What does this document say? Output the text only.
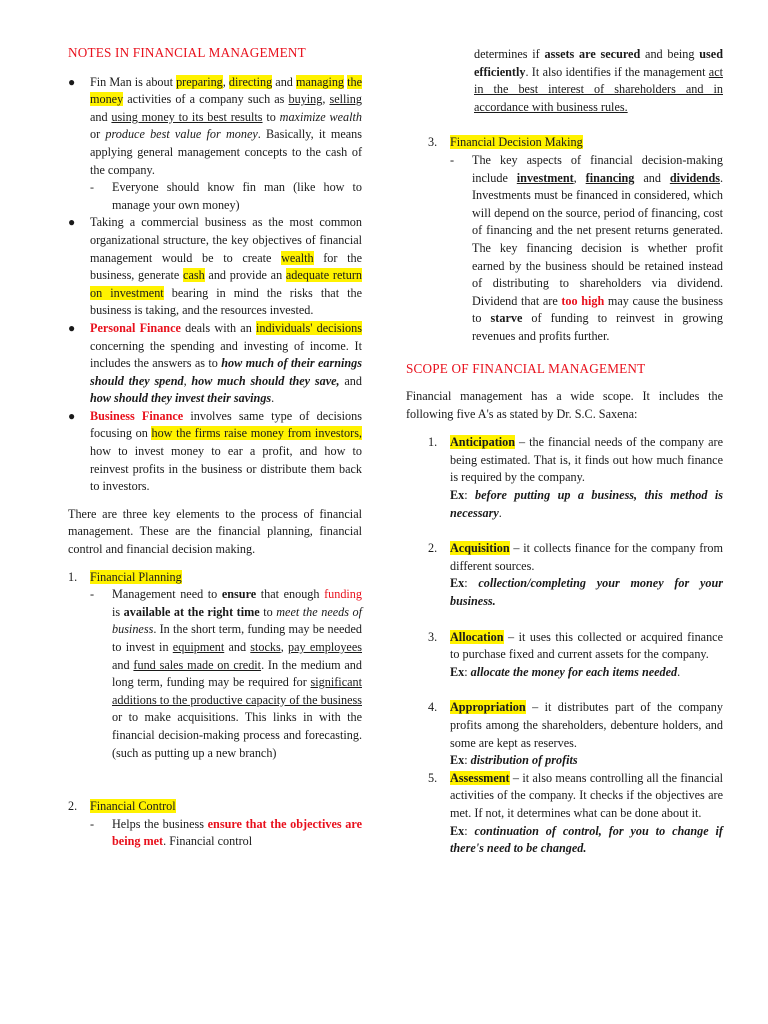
NOTES IN FINANCIAL MANAGEMENT

●	Fin Man is about preparing, directing and managing the money activities of a company such as buying, selling and using money to its best results to maximize wealth or produce best value for money. Basically, it means applying general management concepts to the cash of the company.
-	Everyone should know fin man (like how to manage your own money)
●	Taking a commercial business as the most common organizational structure, the key objectives of financial management would be to create wealth for the business, generate cash and provide an adequate return on investment bearing in mind the risks that the business is taking, and the resources invested.
●	Personal Finance deals with an individuals' decisions concerning the spending and investing of income. It includes the answers as to how much of their earnings should they spend, how much should they save, and how should they invest their savings.
●	Business Finance involves same type of decisions focusing on how the firms raise money from investors, how to invest money to ear a profit, and how to reinvest profits in the business or distribute them back to investors.

There are three key elements to the process of financial management. These are the financial planning, financial control and financial decision making.

1.	Financial Planning
-	Management need to ensure that enough funding is available at the right time to meet the needs of business. In the short term, funding may be needed to invest in equipment and stocks, pay employees and fund sales made on credit. In the medium and long term, funding may be required for significant additions to the productive capacity of the business or to make acquisitions. This links in with the financial decision-making process and forecasting. (such as putting up a new branch)
2.	Financial Control
-	Helps the business ensure that the objectives are being met. Financial control
determines if assets are secured and being used efficiently. It also identifies if the management act in the best interest of shareholders and in accordance with business rules.
3.	Financial Decision Making
-	The key aspects of financial decision-making include investment, financing and dividends. Investments must be financed in considered, which will depend on the source, period of financing, cost of financing and the net present returns generated. The key financing decision is whether profit earned by the business should be retained instead of distributing to shareholders via dividend. Dividend that are too high may cause the business to starve of funding to reinvest in growing revenues and profits further.

SCOPE OF FINANCIAL MANAGEMENT

Financial management has a wide scope. It includes the following five A's as stated by Dr. S.C. Saxena:

1.	Anticipation – the financial needs of the company are being estimated. That is, it finds out how much finance is required by the company.
Ex: before putting up a business, this method is necessary.
2.	Acquisition – it collects finance for the company from different sources.
Ex: collection/completing your money for your business.
3.	Allocation – it uses this collected or acquired finance to purchase fixed and current assets for the company.
Ex: allocate the money for each items needed.
4.	Appropriation – it distributes part of the company profits among the shareholders, debenture holders, and some are kept as reserves.
Ex: distribution of profits
5.	Assessment – it also means controlling all the financial activities of the company. It checks if the objectives are met. If not, it determines what can be done about it.
Ex: continuation of control, for you to change if there's need to be changed.
